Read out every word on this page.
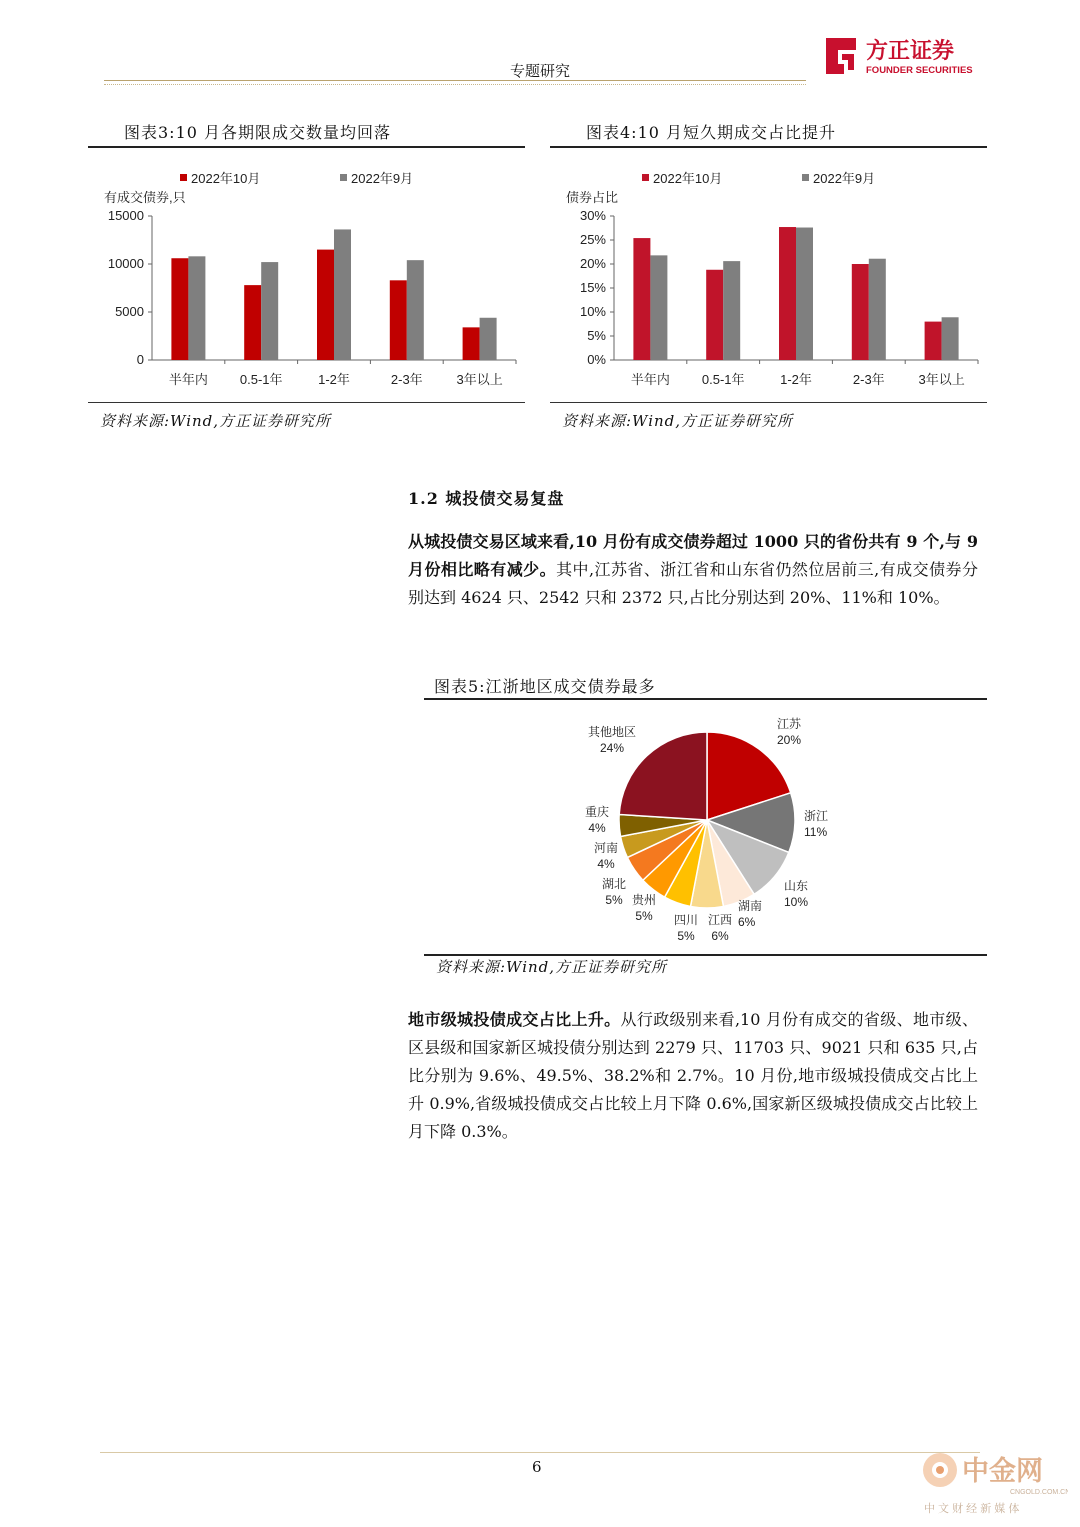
专题研究
方正证券
FOUNDER SECURITIES
图表3:10 月各期限成交数量均回落
2022年10月	2022年9月
有成交债券,只
0
5000
10000
15000
半年内 0.5-1年	1-2年	2-3年	3年以上
资料来源:Wind,方正证券研究所
图表4:10 月短久期成交占比提升
2022年10月	2022年9月
债券占比
0%
5%
10%
15%
20%
25%
30%
半年内 0.5-1年	1-2年	2-3年	3年以上
资料来源:Wind,方正证券研究所
1.2 城投债交易复盘
从城投债交易区域来看,10 月份有成交债券超过 1000 只的省份共有 9 个,与 9 月份相比略有减少。其中,江苏省、浙江省和山东省仍然位居前三,有成交债券分别达到 4624 只、2542 只和 2372 只,占比分别达到 20%、11%和 10%。
图表5:江浙地区成交债券最多
江苏
20%
浙江
11%
山东
10%
湖南
6%
江西
6%
四川
5%
贵州
5%
湖北
5%
河南
4%
重庆
4%
其他地区
24%
资料来源:Wind,方正证券研究所
地市级城投债成交占比上升。从行政级别来看,10 月份有成交的省级、地市级、区县级和国家新区城投债分别达到 2279 只、11703 只、9021 只和 635 只,占比分别为 9.6%、49.5%、38.2%和 2.7%。10 月份,地市级城投债成交占比上升 0.9%,省级城投债成交占比较上月下降 0.6%,国家新区级城投债成交占比较上月下降 0.3%。
6	中金网
CNGOLD.COM.CN
中 文 财 经 新 媒 体
